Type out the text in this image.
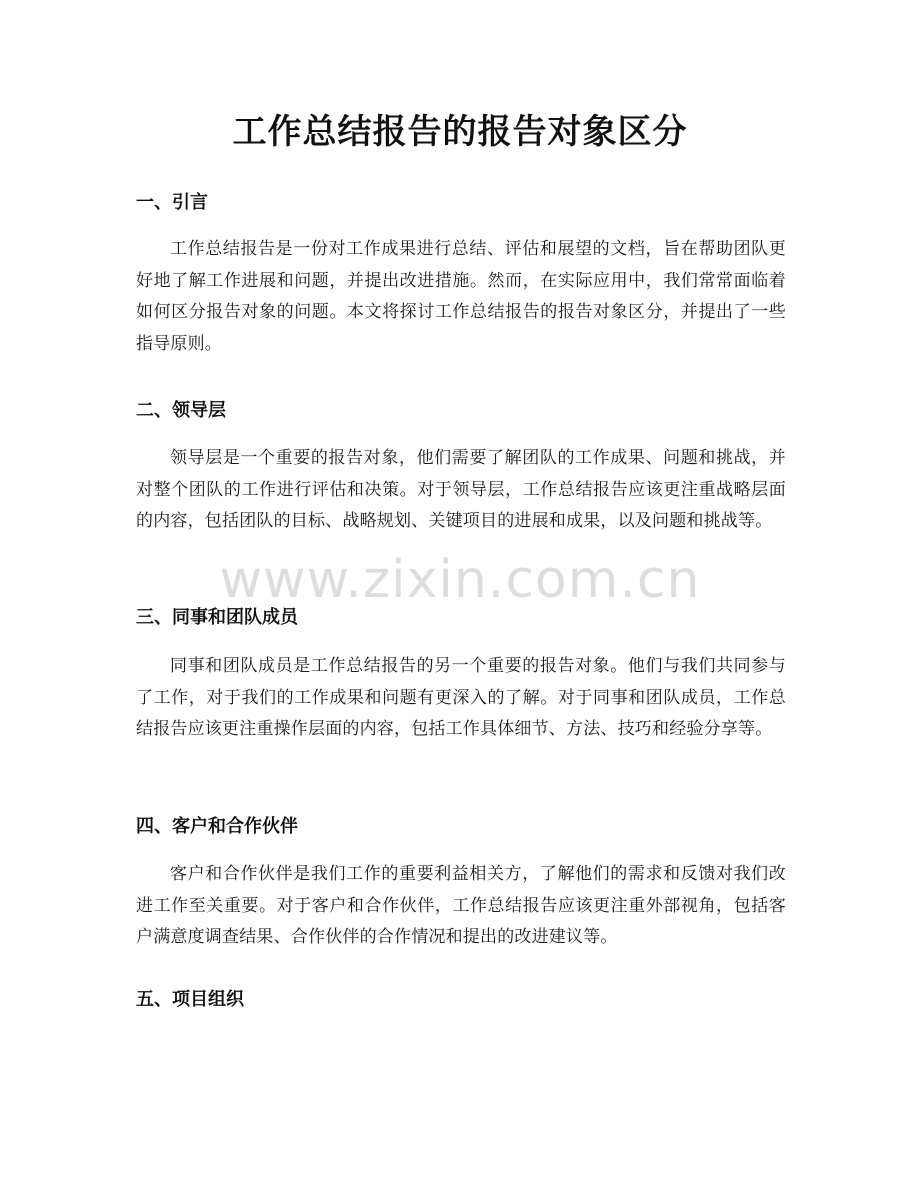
工作总结报告的报告对象区分
一、引言

工作总结报告是一份对工作成果进行总结、评估和展望的文档，旨在帮助团队更好地了解工作进展和问题，并提出改进措施。然而，在实际应用中，我们常常面临着如何区分报告对象的问题。本文将探讨工作总结报告的报告对象区分，并提出了一些指导原则。

二、领导层

领导层是一个重要的报告对象，他们需要了解团队的工作成果、问题和挑战，并对整个团队的工作进行评估和决策。对于领导层，工作总结报告应该更注重战略层面的内容，包括团队的目标、战略规划、关键项目的进展和成果，以及问题和挑战等。

三、同事和团队成员

同事和团队成员是工作总结报告的另一个重要的报告对象。他们与我们共同参与了工作，对于我们的工作成果和问题有更深入的了解。对于同事和团队成员，工作总结报告应该更注重操作层面的内容，包括工作具体细节、方法、技巧和经验分享等。

四、客户和合作伙伴

客户和合作伙伴是我们工作的重要利益相关方，了解他们的需求和反馈对我们改进工作至关重要。对于客户和合作伙伴，工作总结报告应该更注重外部视角，包括客户满意度调查结果、合作伙伴的合作情况和提出的改进建议等。

五、项目组织
www.zixin.com.cn
